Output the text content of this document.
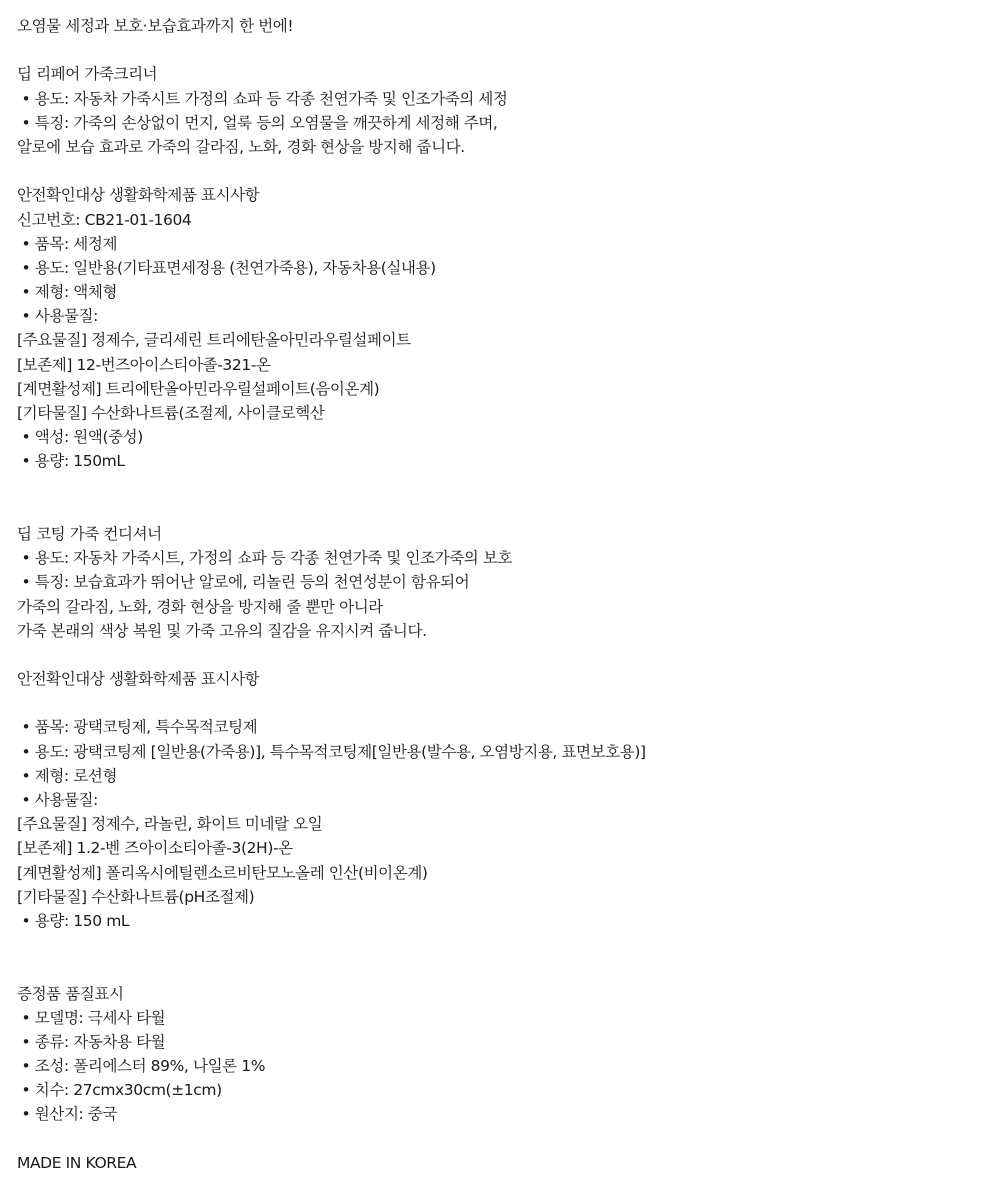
오염물 세정과 보호·보습효과까지 한 번에!
딥 리페어 가죽크리너
• 용도: 자동차 가죽시트 가정의 쇼파 등 각종 천연가죽 및 인조가죽의 세정
• 특징: 가죽의 손상없이 먼지, 얼룩 등의 오염물을 깨끗하게 세정해 주며,
알로에 보습 효과로 가죽의 갈라짐, 노화, 경화 현상을 방지해 줍니다.
안전확인대상 생활화학제품 표시사항
신고번호: CB21-01-1604
• 품목: 세정제
• 용도: 일반용(기타표면세정용 (천연가죽용), 자동차용(실내용)
• 제형: 액체형
• 사용물질:
[주요물질] 정제수, 글리세린 트리에탄올아민라우릴설페이트
[보존제] 12-번즈아이스티아졸-321-온
[계면활성제] 트리에탄올아민라우릴설페이트(음이온계)
[기타물질] 수산화나트륨(조절제, 사이클로헥산
• 액성: 원액(중성)
• 용량: 150mL
딥 코팅 가죽 컨디셔너
• 용도: 자동차 가죽시트, 가정의 쇼파 등 각종 천연가죽 및 인조가죽의 보호
• 특징: 보습효과가 뛰어난 알로에, 리놀린 등의 천연성분이 함유되어
가죽의 갈라짐, 노화, 경화 현상을 방지해 줄 뿐만 아니라
가죽 본래의 색상 복원 및 가죽 고유의 질감을 유지시켜 줍니다.
안전확인대상 생활화학제품 표시사항
• 품목: 광택코팅제, 특수목적코팅제
• 용도: 광택코팅제 [일반용(가죽용)], 특수목적코팅제[일반용(발수용, 오염방지용, 표면보호용)]
• 제형: 로션형
• 사용물질:
[주요물질] 정제수, 라놀린, 화이트 미네랄 오일
[보존제] 1.2-벤 즈아이소티아졸-3(2H)-온
[계면활성제] 폴리옥시에틸렌소르비탄모노올레 인산(비이온계)
[기타물질] 수산화나트륨(pH조절제)
• 용량: 150 mL
증정품 품질표시
• 모델명: 극세사 타월
• 종류: 자동차용 타월
• 조성: 폴리에스터 89%, 나일론 1%
• 치수: 27cmx30cm(±1cm)
• 원산지: 중국
MADE IN KOREA
